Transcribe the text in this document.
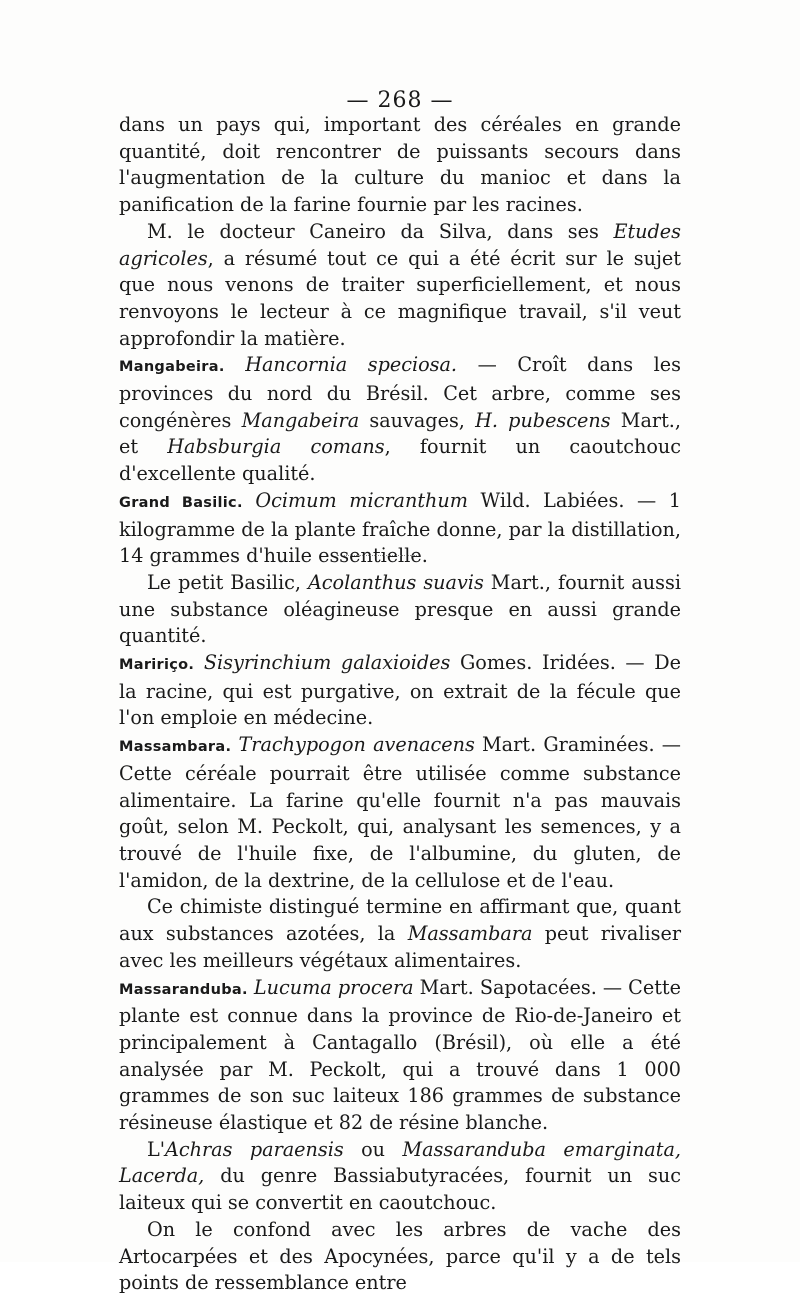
— 268 —

dans un pays qui, important des céréales en grande quantité, doit rencontrer de puissants secours dans l'augmentation de la culture du manioc et dans la panification de la farine fournie par les racines.

M. le docteur Caneiro da Silva, dans ses Etudes agricoles, a résumé tout ce qui a été écrit sur le sujet que nous venons de traiter superficiellement, et nous renvoyons le lecteur à ce magnifique travail, s'il veut approfondir la matière.

Mangabeira. Hancornia speciosa. — Croît dans les provinces du nord du Brésil. Cet arbre, comme ses congénères Mangabeira sauvages, H. pubescens Mart., et Habsburgia comans, fournit un caoutchouc d'excellente qualité.

Grand Basilic. Ocimum micranthum Wild. Labiées. — 1 kilogramme de la plante fraîche donne, par la distillation, 14 grammes d'huile essentielle.

Le petit Basilic, Acolanthus suavis Mart., fournit aussi une substance oléagineuse presque en aussi grande quantité.

Maririço. Sisyrinchium galaxioides Gomes. Iridées. — De la racine, qui est purgative, on extrait de la fécule que l'on emploie en médecine.

Massambara. Trachypogon avenacens Mart. Graminées. — Cette céréale pourrait être utilisée comme substance alimentaire. La farine qu'elle fournit n'a pas mauvais goût, selon M. Peckolt, qui, analysant les semences, y a trouvé de l'huile fixe, de l'albumine, du gluten, de l'amidon, de la dextrine, de la cellulose et de l'eau.

Ce chimiste distingué termine en affirmant que, quant aux substances azotées, la Massambara peut rivaliser avec les meilleurs végétaux alimentaires.

Massaranduba. Lucuma procera Mart. Sapotacées. — Cette plante est connue dans la province de Rio-de-Janeiro et principalement à Cantagallo (Brésil), où elle a été analysée par M. Peckolt, qui a trouvé dans 1 000 grammes de son suc laiteux 186 grammes de substance résineuse élastique et 82 de résine blanche.

L'Achras paraensis ou Massaranduba emarginata, Lacerda, du genre Bassiabutyracées, fournit un suc laiteux qui se convertit en caoutchouc.

On le confond avec les arbres de vache des Artocarpées et des Apocynées, parce qu'il y a de tels points de ressemblance entre
